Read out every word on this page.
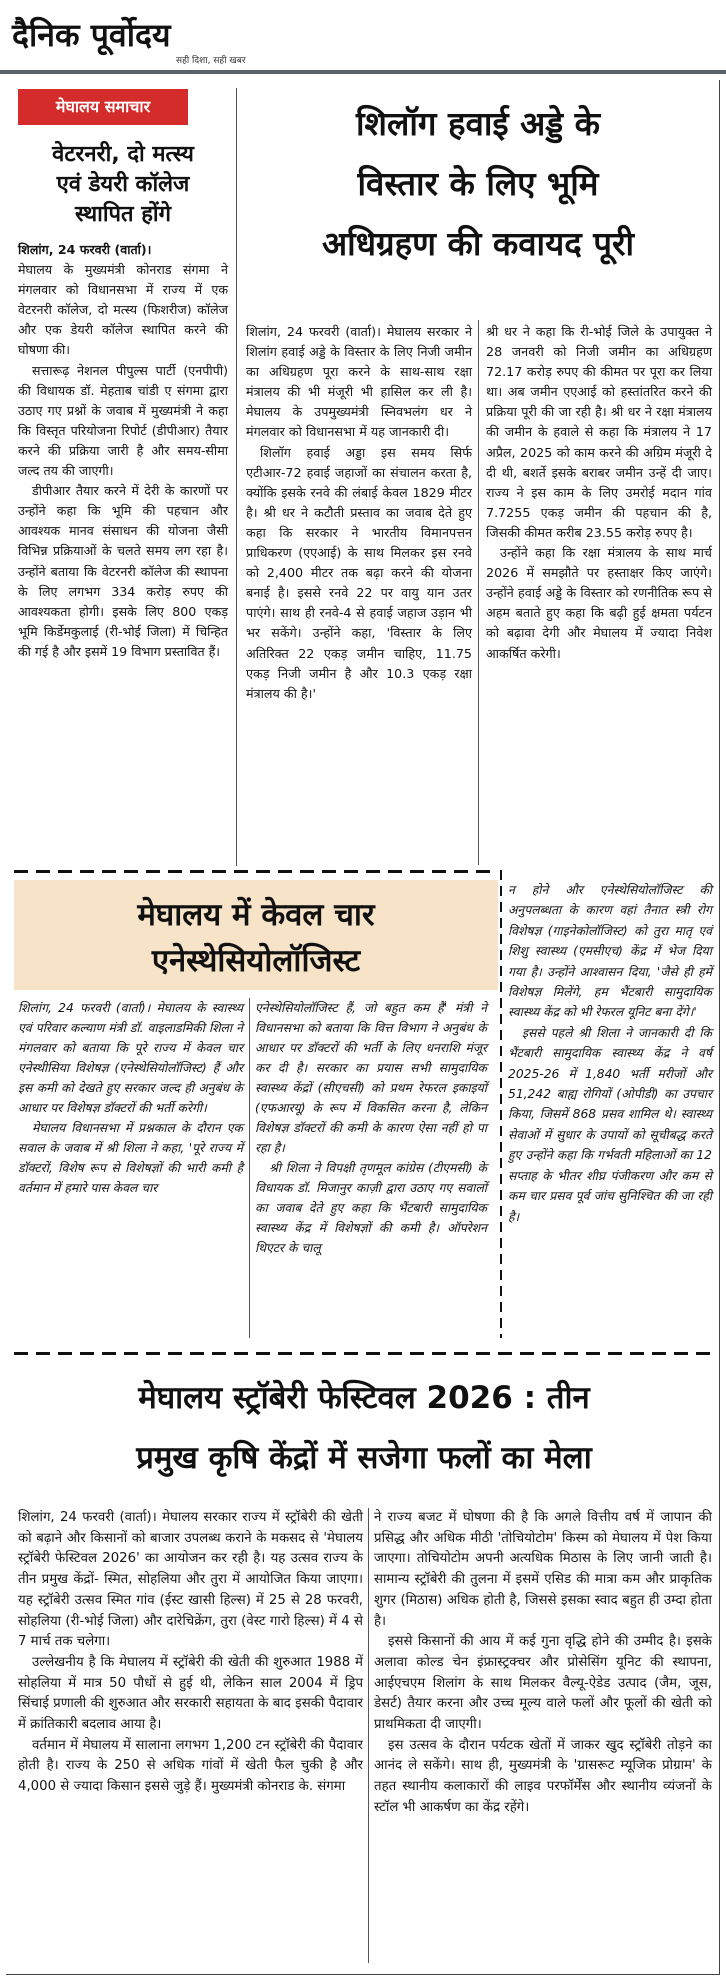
दैनिक पूर्वोदय
सही दिशा, सही खबर
मेघालय समाचार
वेटरनरी, दो मत्स्य
एवं डेयरी कॉलेज
स्थापित होंगे
शिलांग, 24 फरवरी (वार्ता)।

मेघालय के मुख्यमंत्री कोनराड संगमा ने मंगलवार को विधानसभा में राज्य में एक वेटरनरी कॉलेज, दो मत्स्य (फिशरीज) कॉलेज और एक डेयरी कॉलेज स्थापित करने की घोषणा की।

सत्तारूढ़ नेशनल पीपुल्स पार्टी (एनपीपी) की विधायक डॉ. मेहताब चांडी ए संगमा द्वारा उठाए गए प्रश्नों के जवाब में मुख्यमंत्री ने कहा कि विस्तृत परियोजना रिपोर्ट (डीपीआर) तैयार करने की प्रक्रिया जारी है और समय-सीमा जल्द तय की जाएगी।

डीपीआर तैयार करने में देरी के कारणों पर उन्होंने कहा कि भूमि की पहचान और आवश्यक मानव संसाधन की योजना जैसी विभिन्न प्रक्रियाओं के चलते समय लग रहा है। उन्होंने बताया कि वेटरनरी कॉलेज की स्थापना के लिए लगभग 334 करोड़ रुपए की आवश्यकता होगी। इसके लिए 800 एकड़ भूमि किर्डेमकुलाई (री-भोई जिला) में चिन्हित की गई है और इसमें 19 विभाग प्रस्तावित हैं।

शिलॉग हवाई अड्डे के
विस्तार के लिए भूमि
अधिग्रहण की कवायद पूरी

शिलांग, 24 फरवरी (वार्ता)। मेघालय सरकार ने शिलांग हवाई अड्डे के विस्तार के लिए निजी जमीन का अधिग्रहण पूरा करने के साथ-साथ रक्षा मंत्रालय की भी मंजूरी भी हासिल कर ली है। मेघालय के उपमुख्यमंत्री स्निवभलंग धर ने मंगलवार को विधानसभा में यह जानकारी दी।

शिलॉग हवाई अड्डा इस समय सिर्फ एटीआर-72 हवाई जहाजों का संचालन करता है, क्योंकि इसके रनवे की लंबाई केवल 1829 मीटर है। श्री धर ने कटौती प्रस्ताव का जवाब देते हुए कहा कि सरकार ने भारतीय विमानपत्तन प्राधिकरण (एएआई) के साथ मिलकर इस रनवे को 2,400 मीटर तक बढ़ा करने की योजना बनाई है। इससे रनवे 22 पर वायु यान उतर पाएंगे। साथ ही रनवे-4 से हवाई जहाज उड़ान भी भर सकेंगे। उन्होंने कहा, 'विस्तार के लिए अतिरिक्त 22 एकड़ जमीन चाहिए, 11.75 एकड़ निजी जमीन है और 10.3 एकड़ रक्षा मंत्रालय की है।'

श्री धर ने कहा कि री-भोई जिले के उपायुक्त ने 28 जनवरी को निजी जमीन का अधिग्रहण 72.17 करोड़ रुपए की कीमत पर पूरा कर लिया था। अब जमीन एएआई को हस्तांतरित करने की प्रक्रिया पूरी की जा रही है। श्री धर ने रक्षा मंत्रालय की जमीन के हवाले से कहा कि मंत्रालय ने 17 अप्रैल, 2025 को काम करने की अग्रिम मंजूरी दे दी थी, बशर्ते इसके बराबर जमीन उन्हें दी जाए। राज्य ने इस काम के लिए उमरोई मदान गांव 7.7255 एकड़ जमीन की पहचान की है, जिसकी कीमत करीब 23.55 करोड़ रुपए है।

उन्होंने कहा कि रक्षा मंत्रालय के साथ मार्च 2026 में समझौते पर हस्ताक्षर किए जाएंगे। उन्होंने हवाई अड्डे के विस्तार को रणनीतिक रूप से अहम बताते हुए कहा कि बढ़ी हुई क्षमता पर्यटन को बढ़ावा देगी और मेघालय में ज्यादा निवेश आकर्षित करेगी।

मेघालय में केवल चार
एनेस्थेसियोलॉजिस्ट

शिलांग, 24 फरवरी (वार्ता)। मेघालय के स्वास्थ्य एवं परिवार कल्याण मंत्री डॉ. वाइलाडमिकी शिला ने मंगलवार को बताया कि पूरे राज्य में केवल चार एनेस्थीसिया विशेषज्ञ (एनेस्थेसियोलॉजिस्ट) हैं और इस कमी को देखते हुए सरकार जल्द ही अनुबंध के आधार पर विशेषज्ञ डॉक्टरों की भर्ती करेगी।

मेघालय विधानसभा में प्रश्नकाल के दौरान एक सवाल के जवाब में श्री शिला ने कहा, 'पूरे राज्य में डॉक्टरों, विशेष रूप से विशेषज्ञों की भारी कमी है वर्तमान में हमारे पास केवल चार

एनेस्थेसियोलॉजिस्ट हैं, जो बहुत कम हैं' मंत्री ने विधानसभा को बताया कि वित्त विभाग ने अनुबंध के आधार पर डॉक्टरों की भर्ती के लिए धनराशि मंजूर कर दी है। सरकार का प्रयास सभी सामुदायिक स्वास्थ्य केंद्रों (सीएचसी) को प्रथम रेफरल इकाइयों (एफआरयू) के रूप में विकसित करना है, लेकिन विशेषज्ञ डॉक्टरों की कमी के कारण ऐसा नहीं हो पा रहा है।

श्री शिला ने विपक्षी तृणमूल कांग्रेस (टीएमसी) के विधायक डॉ. मिजानुर काज़ी द्वारा उठाए गए सवालों का जवाब देते हुए कहा कि भैंटबारी सामुदायिक स्वास्थ्य केंद्र में विशेषज्ञों की कमी है। ऑपरेशन थिएटर के चालू

न होने और एनेस्थेसियोलॉजिस्ट की अनुपलब्धता के कारण वहां तैनात स्त्री रोग विशेषज्ञ (गाइनेकोलॉजिस्ट) को तुरा मातृ एवं शिशु स्वास्थ्य (एमसीएच) केंद्र में भेज दिया गया है। उन्होंने आश्वासन दिया, 'जैसे ही हमें विशेषज्ञ मिलेंगे, हम भैंटबारी सामुदायिक स्वास्थ्य केंद्र को भी रेफरल यूनिट बना देंगे।'

इससे पहले श्री शिला ने जानकारी दी कि भैंटबारी सामुदायिक स्वास्थ्य केंद्र ने वर्ष 2025-26 में 1,840 भर्ती मरीजों और 51,242 बाह्य रोगियों (ओपीडी) का उपचार किया, जिसमें 868 प्रसव शामिल थे। स्वास्थ्य सेवाओं में सुधार के उपायों को सूचीबद्ध करते हुए उन्होंने कहा कि गर्भवती महिलाओं का 12 सप्ताह के भीतर शीघ्र पंजीकरण और कम से कम चार प्रसव पूर्व जांच सुनिश्चित की जा रही है।

मेघालय स्ट्रॉबेरी फेस्टिवल 2026 : तीन
प्रमुख कृषि केंद्रों में सजेगा फलों का मेला

शिलांग, 24 फरवरी (वार्ता)। मेघालय सरकार राज्य में स्ट्रॉबेरी की खेती को बढ़ाने और किसानों को बाजार उपलब्ध कराने के मकसद से 'मेघालय स्ट्रॉबेरी फेस्टिवल 2026' का आयोजन कर रही है। यह उत्सव राज्य के तीन प्रमुख केंद्रों- स्मित, सोहलिया और तुरा में आयोजित किया जाएगा। यह स्ट्रॉबेरी उत्सव स्मित गांव (ईस्ट खासी हिल्स) में 25 से 28 फरवरी, सोहलिया (री-भोई जिला) और दारेचिक्रेंग, तुरा (वेस्ट गारो हिल्स) में 4 से 7 मार्च तक चलेगा।

उल्लेखनीय है कि मेघालय में स्ट्रॉबेरी की खेती की शुरुआत 1988 में सोहलिया में मात्र 50 पौधों से हुई थी, लेकिन साल 2004 में ड्रिप सिंचाई प्रणाली की शुरुआत और सरकारी सहायता के बाद इसकी पैदावार में क्रांतिकारी बदलाव आया है।

वर्तमान में मेघालय में सालाना लगभग 1,200 टन स्ट्रॉबेरी की पैदावार होती है। राज्य के 250 से अधिक गांवों में खेती फैल चुकी है और 4,000 से ज्यादा किसान इससे जुड़े हैं। मुख्यमंत्री कोनराड के. संगमा

ने राज्य बजट में घोषणा की है कि अगले वित्तीय वर्ष में जापान की प्रसिद्ध और अधिक मीठी 'तोचियोटोम' किस्म को मेघालय में पेश किया जाएगा। तोचियोटोम अपनी अत्यधिक मिठास के लिए जानी जाती है। सामान्य स्ट्रॉबेरी की तुलना में इसमें एसिड की मात्रा कम और प्राकृतिक शुगर (मिठास) अधिक होती है, जिससे इसका स्वाद बहुत ही उम्दा होता है।

इससे किसानों की आय में कई गुना वृद्धि होने की उम्मीद है। इसके अलावा कोल्ड चेन इंफ्रास्ट्रक्चर और प्रोसेसिंग यूनिट की स्थापना, आईएचएम शिलांग के साथ मिलकर वैल्यू-ऐडेड उत्पाद (जैम, जूस, डेसर्ट) तैयार करना और उच्च मूल्य वाले फलों और फूलों की खेती को प्राथमिकता दी जाएगी।

इस उत्सव के दौरान पर्यटक खेतों में जाकर खुद स्ट्रॉबेरी तोड़ने का आनंद ले सकेंगे। साथ ही, मुख्यमंत्री के 'ग्रासरूट म्यूजिक प्रोग्राम' के तहत स्थानीय कलाकारों की लाइव परफॉर्मेंस और स्थानीय व्यंजनों के स्टॉल भी आकर्षण का केंद्र रहेंगे।
